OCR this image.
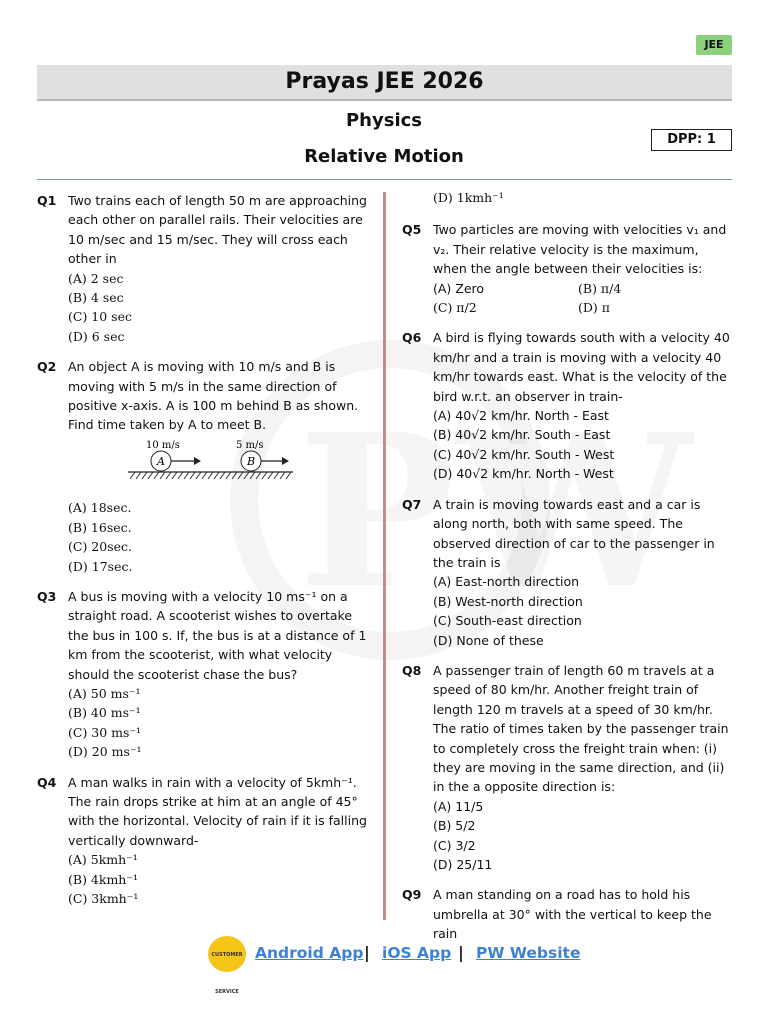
JEE
Prayas JEE 2026
Physics
Relative Motion
DPP: 1
Q1 Two trains each of length 50 m are approaching each other on parallel rails. Their velocities are 10 m/sec and 15 m/sec. They will cross each other in
(A) 2 sec
(B) 4 sec
(C) 10 sec
(D) 6 sec
Q2 An object A is moving with 10 m/s and B is moving with 5 m/s in the same direction of positive x-axis. A is 100 m behind B as shown. Find time taken by A to meet B.
10 m/s	5 m/s
A	B
(A) 18sec.
(B) 16sec.
(C) 20sec.
(D) 17sec.
Q3 A bus is moving with a velocity 10 ms⁻¹ on a straight road. A scooterist wishes to overtake the bus in 100 s. If, the bus is at a distance of 1 km from the scooterist, with what velocity should the scooterist chase the bus?
(A) 50 ms⁻¹
(B) 40 ms⁻¹
(C) 30 ms⁻¹
(D) 20 ms⁻¹
Q4 A man walks in rain with a velocity of 5kmh⁻¹. The rain drops strike at him at an angle of 45° with the horizontal. Velocity of rain if it is falling vertically downward-
(A) 5kmh⁻¹
(B) 4kmh⁻¹
(C) 3kmh⁻¹
(D) 1kmh⁻¹
Q5 Two particles are moving with velocities v₁ and v₂. Their relative velocity is the maximum, when the angle between their velocities is:
(A) Zero	(B) π/4
(C) π/2	(D) π
Q6 A bird is flying towards south with a velocity 40 km/hr and a train is moving with a velocity 40 km/hr towards east. What is the velocity of the bird w.r.t. an observer in train-
(A) 40√2 km/hr. North - East
(B) 40√2 km/hr. South - East
(C) 40√2 km/hr. South - West
(D) 40√2 km/hr. North - West
Q7 A train is moving towards east and a car is along north, both with same speed. The observed direction of car to the passenger in the train is
(A) East-north direction
(B) West-north direction
(C) South-east direction
(D) None of these
Q8 A passenger train of length 60 m travels at a speed of 80 km/hr. Another freight train of length 120 m travels at a speed of 30 km/hr. The ratio of times taken by the passenger train to completely cross the freight train when: (i) they are moving in the same direction, and (ii) in the a opposite direction is:
(A) 11/5
(B) 5/2
(C) 3/2
(D) 25/11
Q9 A man standing on a road has to hold his umbrella at 30° with the vertical to keep the rain
CUSTOMER SERVICE
Android App | iOS App | PW Website
